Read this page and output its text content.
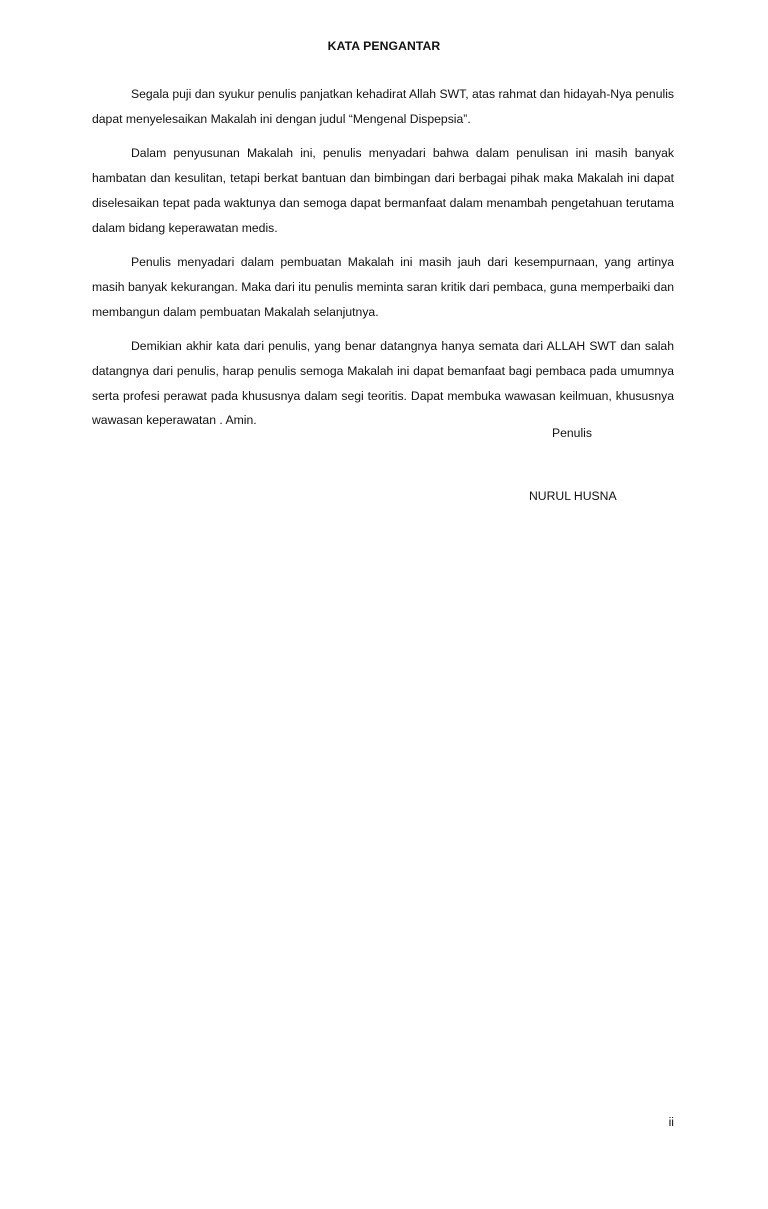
KATA PENGANTAR

Segala puji dan syukur penulis panjatkan kehadirat Allah SWT, atas rahmat dan hidayah-Nya penulis dapat menyelesaikan Makalah ini dengan judul “Mengenal Dispepsia”.

Dalam penyusunan Makalah ini, penulis menyadari bahwa dalam penulisan ini masih banyak hambatan dan kesulitan, tetapi berkat bantuan dan bimbingan dari berbagai pihak maka Makalah ini dapat diselesaikan tepat pada waktunya dan semoga dapat bermanfaat dalam menambah pengetahuan terutama dalam bidang keperawatan medis.

Penulis menyadari dalam pembuatan Makalah ini masih jauh dari kesempurnaan, yang artinya masih banyak kekurangan. Maka dari itu penulis meminta saran kritik dari pembaca, guna memperbaiki dan membangun dalam pembuatan Makalah selanjutnya.

Demikian akhir kata dari penulis, yang benar datangnya hanya semata dari ALLAH SWT dan salah datangnya dari penulis, harap penulis semoga Makalah ini dapat bemanfaat bagi pembaca pada umumnya serta profesi perawat pada khususnya dalam segi teoritis. Dapat membuka wawasan keilmuan, khususnya wawasan keperawatan . Amin.

Penulis
NURUL HUSNA
ii
